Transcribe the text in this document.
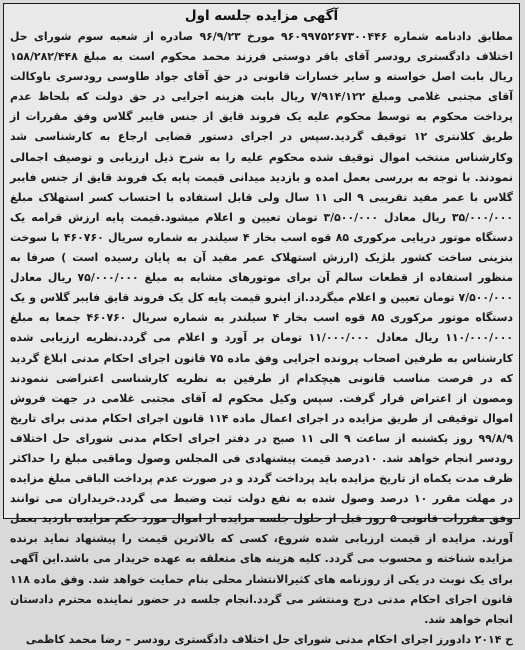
آگهی مزایده جلسه اول
مطابق دادنامه شماره ۹۶۰۹۹۷۵۲۶۷۳۰۰۴۴۶ مورخ ۹۶/۹/۲۳ صادره از شعبه سوم شورای حل اختلاف دادگستری رودسر آقای باقر دوستی فرزند محمد محکوم است به مبلغ ۱۵۸/۲۸۲/۴۴۸ ریال بابت اصل خواسته و سایر خسارات قانونی در حق آقای جواد طاوسی رودسری باوکالت آقای مجتبی غلامی ومبلغ ۷/۹۱۴/۱۲۲ ریال بابت هزینه اجرایی در حق دولت که بلحاظ عدم پرداخت محکوم به توسط محکوم علیه یک فروند قایق از جنس فایبر گلاس وفق مقررات از طریق کلانتری ۱۲ توقیف گردید.سپس در اجرای دستور قضایی ارجاع به کارشناسی شد وکارشناس منتخب اموال توقیف شده محکوم علیه را به شرح ذیل ارزیابی و توصیف اجمالی نمودند. با توجه به بررسی بعمل امده و بازدید میدانی قیمت پایه یک فروند قایق از جنس فایبر گلاس با عمر مفید تقریبی ۹ الی ۱۱ سال ولی قابل استفاده با احتساب کسر استهلاک مبلغ ۳۵/۰۰۰/۰۰۰ ریال معادل ۳/۵۰۰/۰۰۰ تومان تعیین و اعلام میشود.قیمت پایه ارزش قرامه یک دستگاه موتور دریایی مرکوری ۸۵ قوه اسب بخار ۴ سیلندر به شماره سریال ۴۶۰۷۶۰ با سوخت بنزینی ساخت کشور بلژیک (ارزش استهلاک عمر مفید آن به پایان رسیده است ) صرفا به منظور استفاده از قطعات سالم آن برای موتورهای مشابه به مبلغ ۷۵/۰۰۰/۰۰۰ ریال معادل ۷/۵۰۰/۰۰۰ تومان تعیین و اعلام میگردد.از اینرو قیمت پایه کل یک فروند قایق فایبر گلاس و یک دستگاه موتور مرکوری ۸۵ قوه اسب بخار ۴ سیلندر به شماره سریال ۴۶۰۷۶۰ جمعا به مبلغ ۱۱۰/۰۰۰/۰۰۰ ریال معادل ۱۱/۰۰۰/۰۰۰ تومان بر آورد و اعلام می گردد.نظریه ارزیابی شده کارشناس به طرفین اصحاب پرونده اجرایی وفق ماده ۷۵ قانون اجرای احکام مدنی ابلاغ گردید که در فرصت مناسب قانونی هیچکدام از طرفین به نظریه کارشناسی اعتراضی ننمودند ومصون از اعتراض قرار گرفت. سپس وکیل محکوم له آقای مجتبی غلامی در جهت فروش اموال توقیفی از طریق مزایده در اجرای اعمال ماده ۱۱۴ قانون اجرای احکام مدنی برای تاریخ ۹۹/۸/۹ روز یکشنبه از ساعت ۹ الی ۱۱ صبح در دفتر اجرای احکام مدنی شورای حل اختلاف رودسر انجام خواهد شد. ۱۰درصد قیمت پیشنهادی فی المجلس وصول وماقبی مبلغ را حداکثر ظرف مدت یکماه از تاریخ مزایده باید پرداخت گردد و در صورت عدم پرداخت الباقی مبلغ مزایده در مهلت مقرر ۱۰ درصد وصول شده به نفع دولت ثبت وضبط می گردد.خریداران می توانند وفق مقررات قانونی ۵ روز قبل از حلول جلسه مزایده از اموال مورد حکم مزایده بازدید بعمل آورند. مزایده از قیمت ارزیابی شده شروع، کسی که بالاترین قیمت را پیشنهاد نماید برنده مزایده شناخته و محسوب می گردد. کلیه هزینه های متعلقه به عهده خریدار می باشد.این آگهی برای یک نوبت در یکی از روزنامه های کثیرالانتشار محلی بنام حمایت خواهد شد. وفق ماده ۱۱۸ قانون اجرای احکام مدنی درج ومنتشر می گردد.انجام جلسه در حضور نماینده محترم دادستان انجام خواهد شد.
ح ۲۰۱۴ دادورز اجرای احکام مدنی شورای حل اختلاف دادگستری رودسر – رضا محمد کاظمی
